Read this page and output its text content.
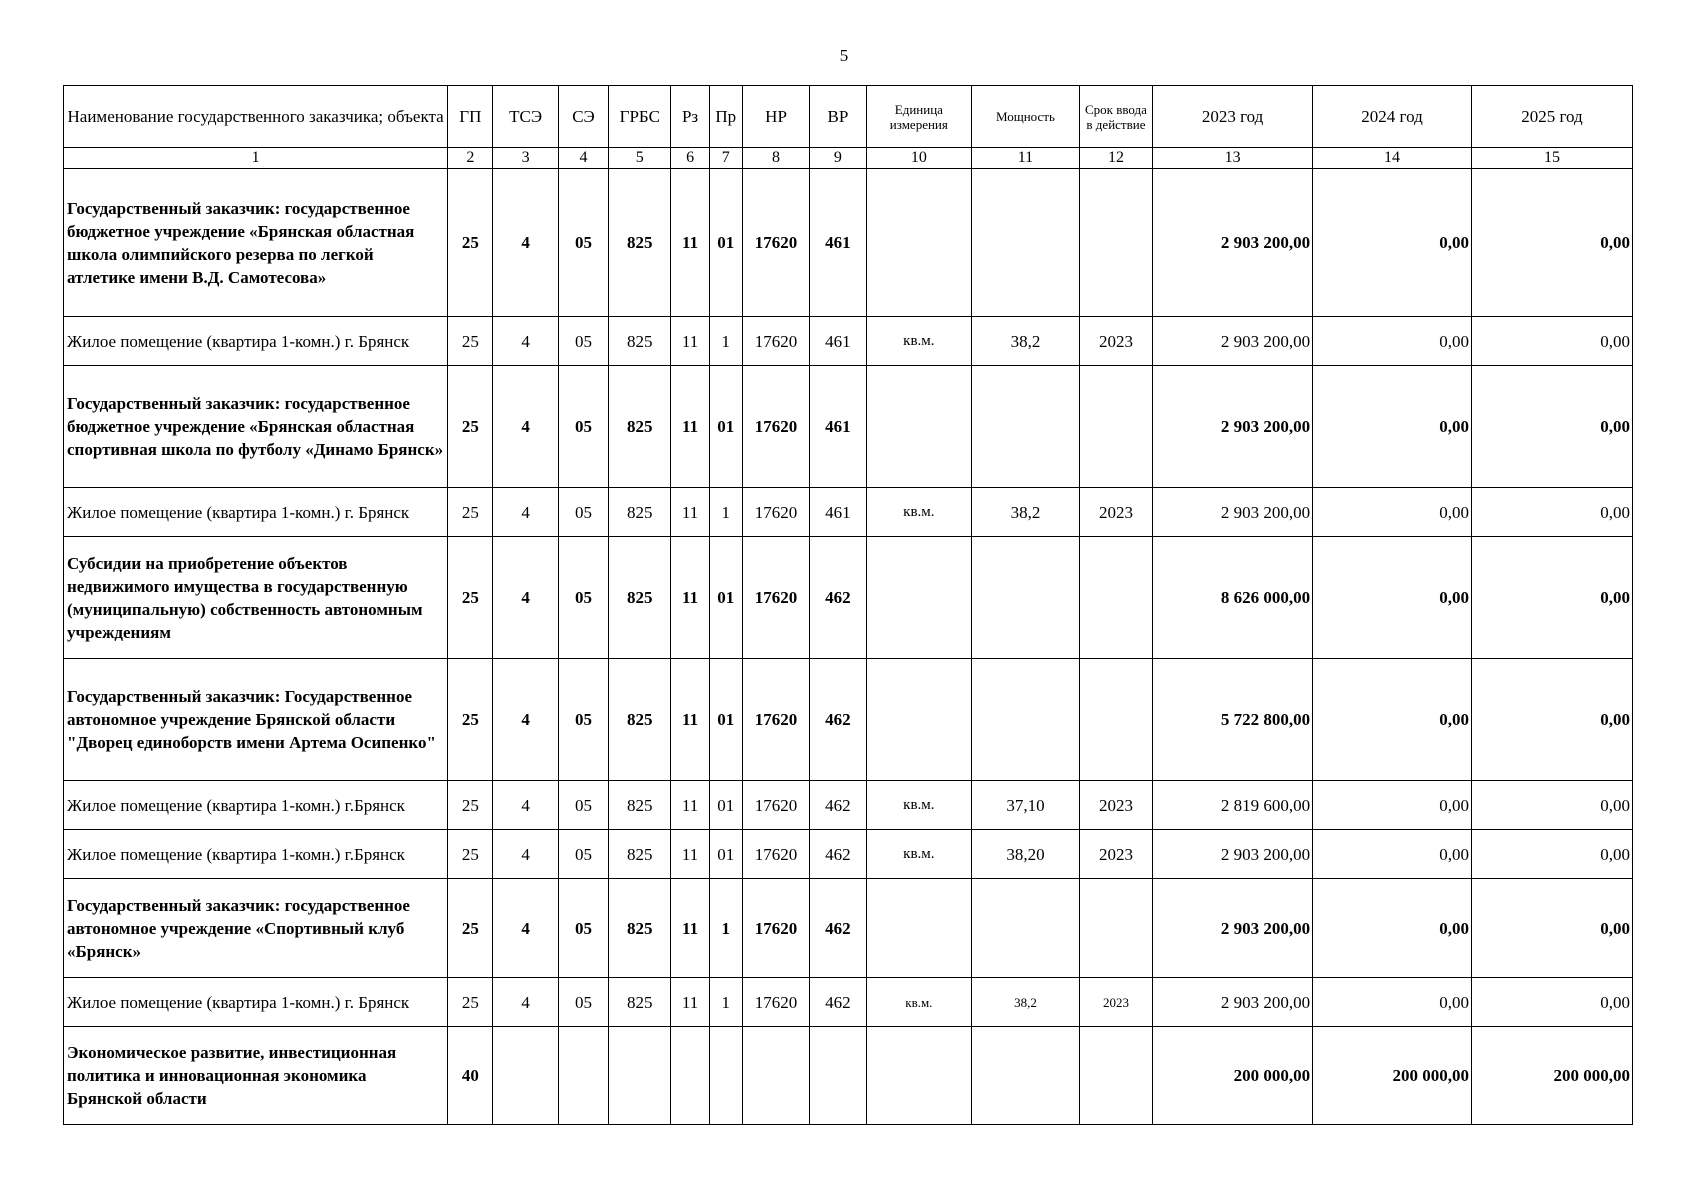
5
Наименование государственного заказчика; объекта	ГП	ТСЭ	СЭ	ГРБС	Рз	Пр	НР	ВР	Единица измерения	Мощность	Срок ввода в действие	2023 год	2024 год	2025 год
1	2	3	4	5	6	7	8	9	10	11	12	13	14	15
Государственный заказчик: государственное бюджетное учреждение «Брянская областная школа олимпийского резерва по легкой атлетике имени В.Д. Самотесова»	25	4	05	825	11	01	17620	461				2 903 200,00	0,00	0,00
Жилое помещение (квартира 1-комн.) г. Брянск	25	4	05	825	11	1	17620	461	кв.м.	38,2	2023	2 903 200,00	0,00	0,00
Государственный заказчик: государственное бюджетное учреждение «Брянская областная спортивная школа по футболу «Динамо Брянск»	25	4	05	825	11	01	17620	461				2 903 200,00	0,00	0,00
Жилое помещение (квартира 1-комн.) г. Брянск	25	4	05	825	11	1	17620	461	кв.м.	38,2	2023	2 903 200,00	0,00	0,00
Субсидии на приобретение объектов недвижимого имущества в государственную (муниципальную) собственность автономным учреждениям	25	4	05	825	11	01	17620	462				8 626 000,00	0,00	0,00
Государственный заказчик: Государственное автономное учреждение Брянской области "Дворец единоборств имени Артема Осипенко"	25	4	05	825	11	01	17620	462				5 722 800,00	0,00	0,00
Жилое помещение (квартира 1-комн.) г.Брянск	25	4	05	825	11	01	17620	462	кв.м.	37,10	2023	2 819 600,00	0,00	0,00
Жилое помещение (квартира 1-комн.) г.Брянск	25	4	05	825	11	01	17620	462	кв.м.	38,20	2023	2 903 200,00	0,00	0,00
Государственный заказчик: государственное автономное учреждение «Спортивный клуб «Брянск»	25	4	05	825	11	1	17620	462				2 903 200,00	0,00	0,00
Жилое помещение (квартира 1-комн.) г. Брянск	25	4	05	825	11	1	17620	462	кв.м.	38,2	2023	2 903 200,00	0,00	0,00
Экономическое развитие, инвестиционная политика и инновационная экономика Брянской области	40											200 000,00	200 000,00	200 000,00
